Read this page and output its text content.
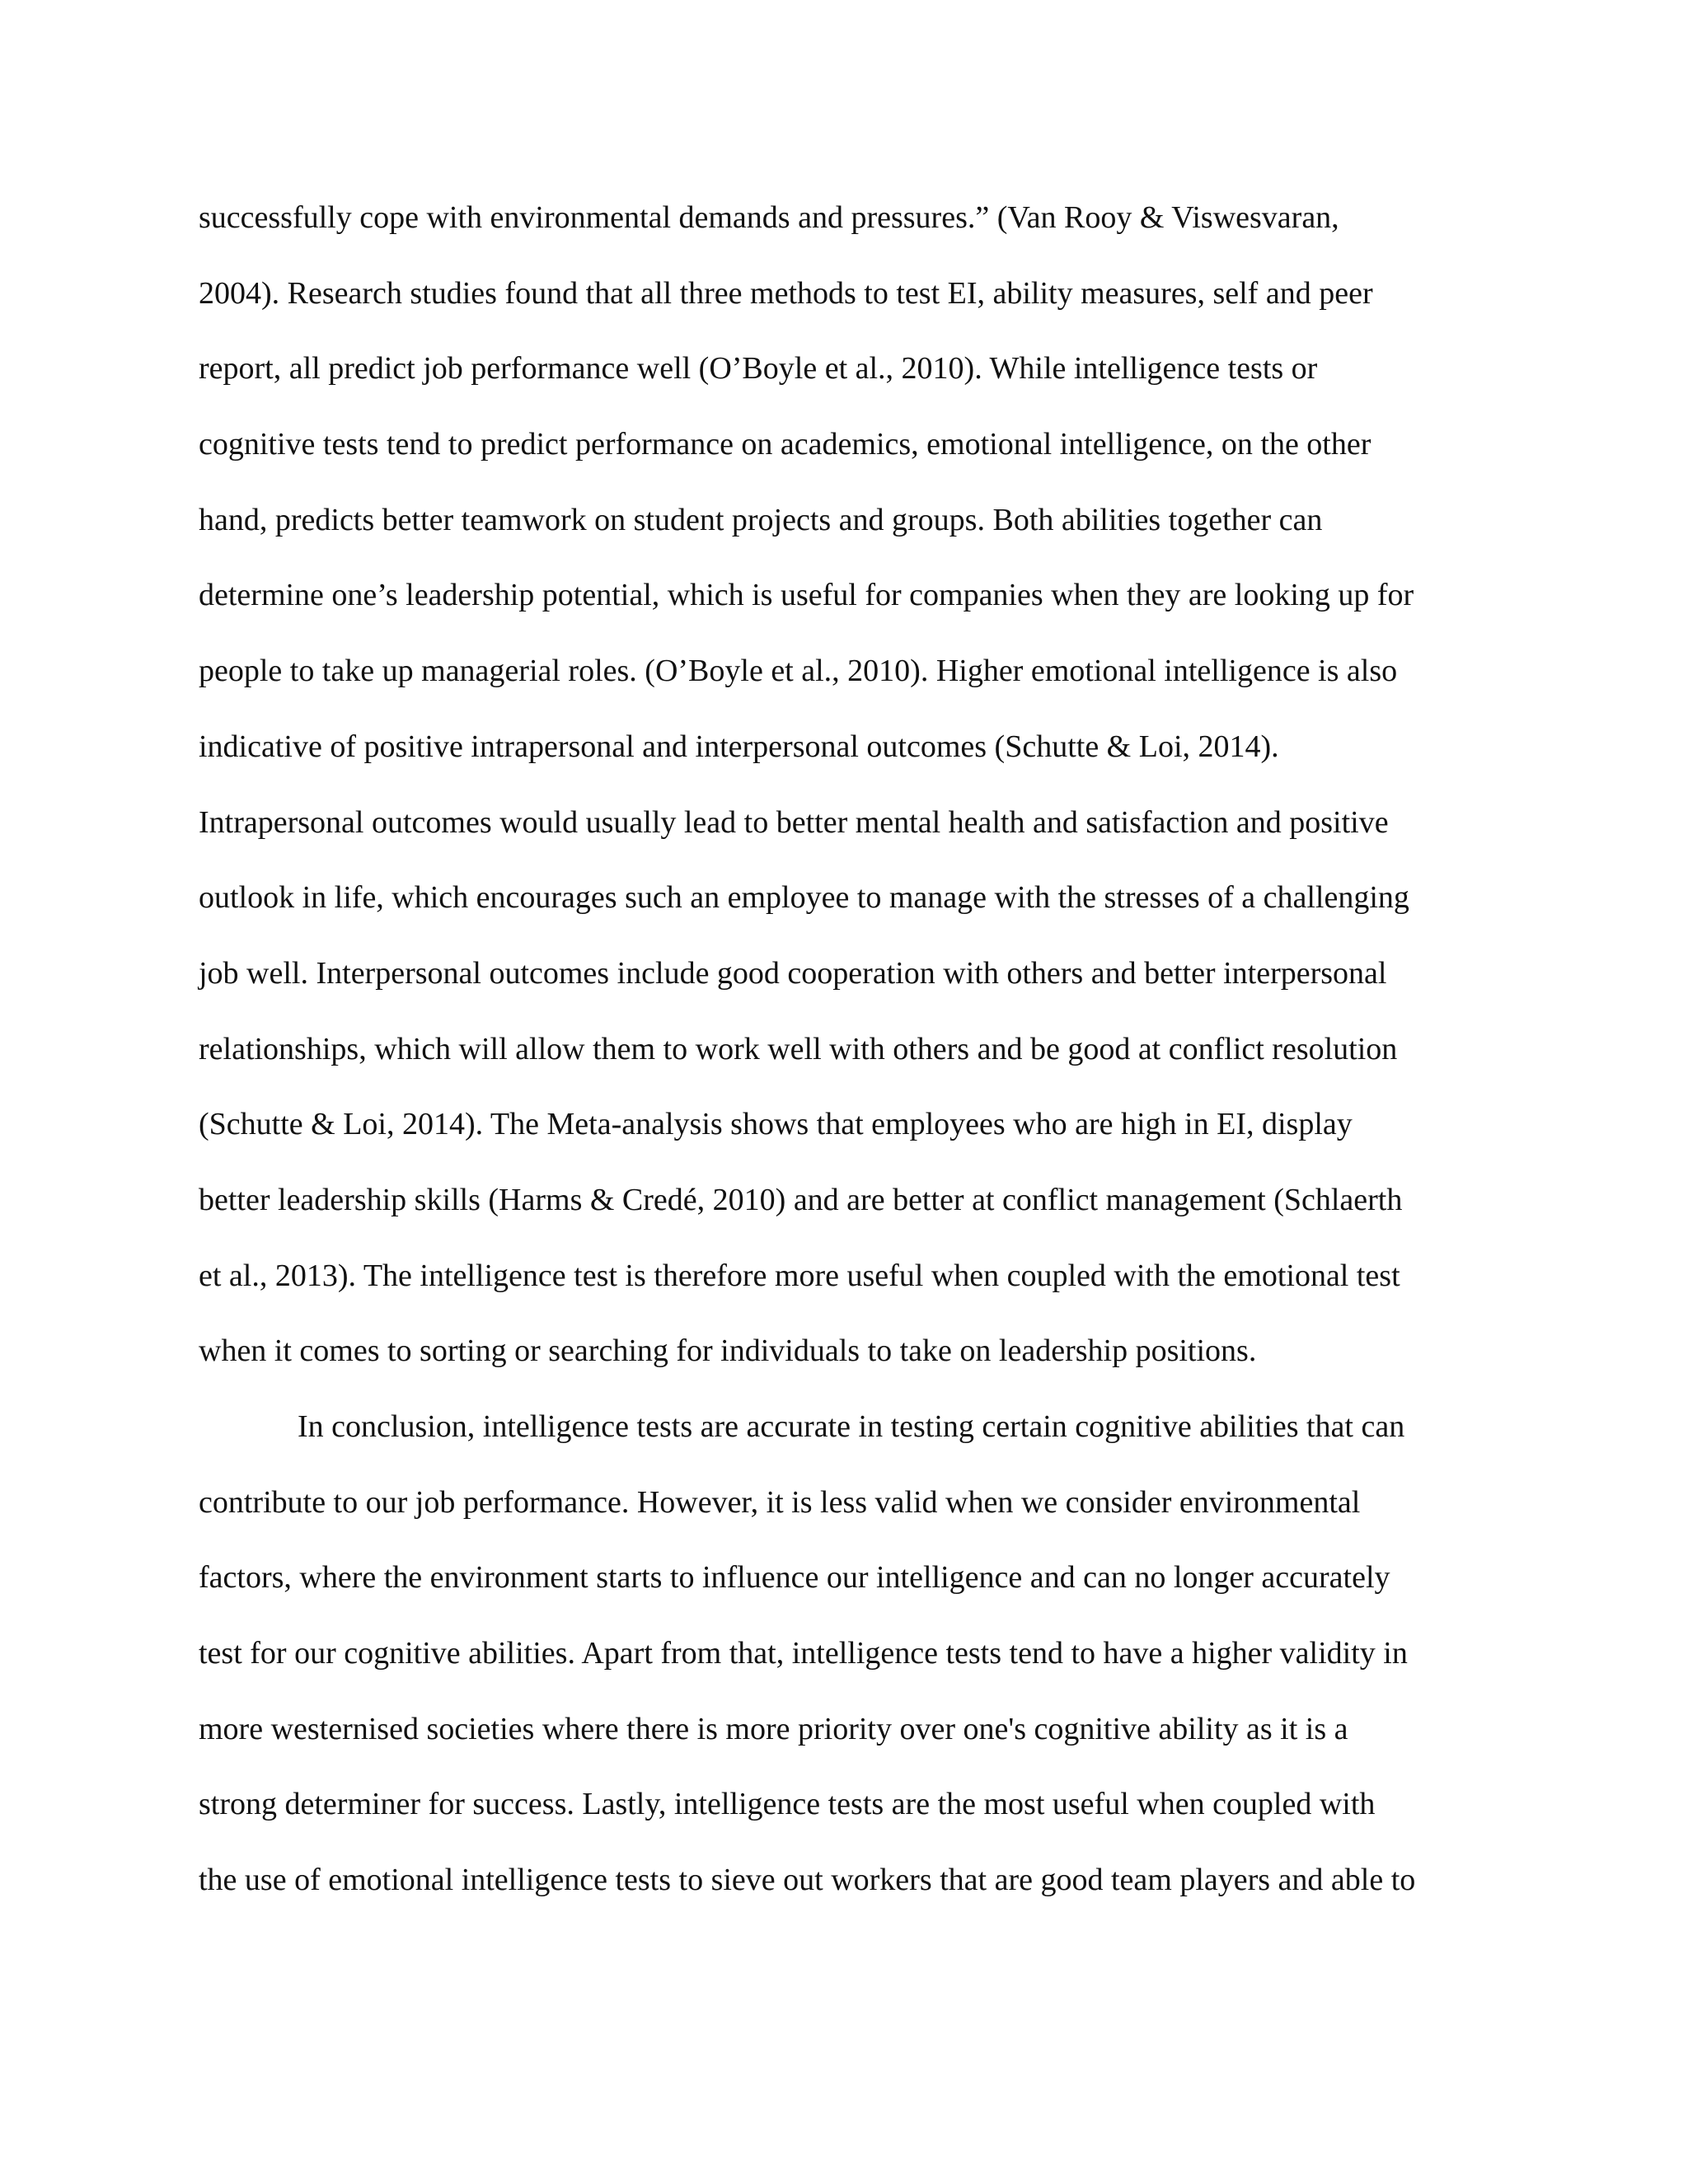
successfully cope with environmental demands and pressures.” (Van Rooy & Viswesvaran,
2004). Research studies found that all three methods to test EI, ability measures, self and peer
report, all predict job performance well (O’Boyle et al., 2010). While intelligence tests or
cognitive tests tend to predict performance on academics, emotional intelligence, on the other
hand, predicts better teamwork on student projects and groups. Both abilities together can
determine one’s leadership potential, which is useful for companies when they are looking up for
people to take up managerial roles. (O’Boyle et al., 2010). Higher emotional intelligence is also
indicative of positive intrapersonal and interpersonal outcomes (Schutte & Loi, 2014).
Intrapersonal outcomes would usually lead to better mental health and satisfaction and positive
outlook in life, which encourages such an employee to manage with the stresses of a challenging
job well. Interpersonal outcomes include good cooperation with others and better interpersonal
relationships, which will allow them to work well with others and be good at conflict resolution
(Schutte & Loi, 2014). The Meta-analysis shows that employees who are high in EI, display
better leadership skills (Harms & Credé, 2010) and are better at conflict management (Schlaerth
et al., 2013). The intelligence test is therefore more useful when coupled with the emotional test
when it comes to sorting or searching for individuals to take on leadership positions.
In conclusion, intelligence tests are accurate in testing certain cognitive abilities that can
contribute to our job performance. However, it is less valid when we consider environmental
factors, where the environment starts to influence our intelligence and can no longer accurately
test for our cognitive abilities. Apart from that, intelligence tests tend to have a higher validity in
more westernised societies where there is more priority over one's cognitive ability as it is a
strong determiner for success. Lastly, intelligence tests are the most useful when coupled with
the use of emotional intelligence tests to sieve out workers that are good team players and able to
